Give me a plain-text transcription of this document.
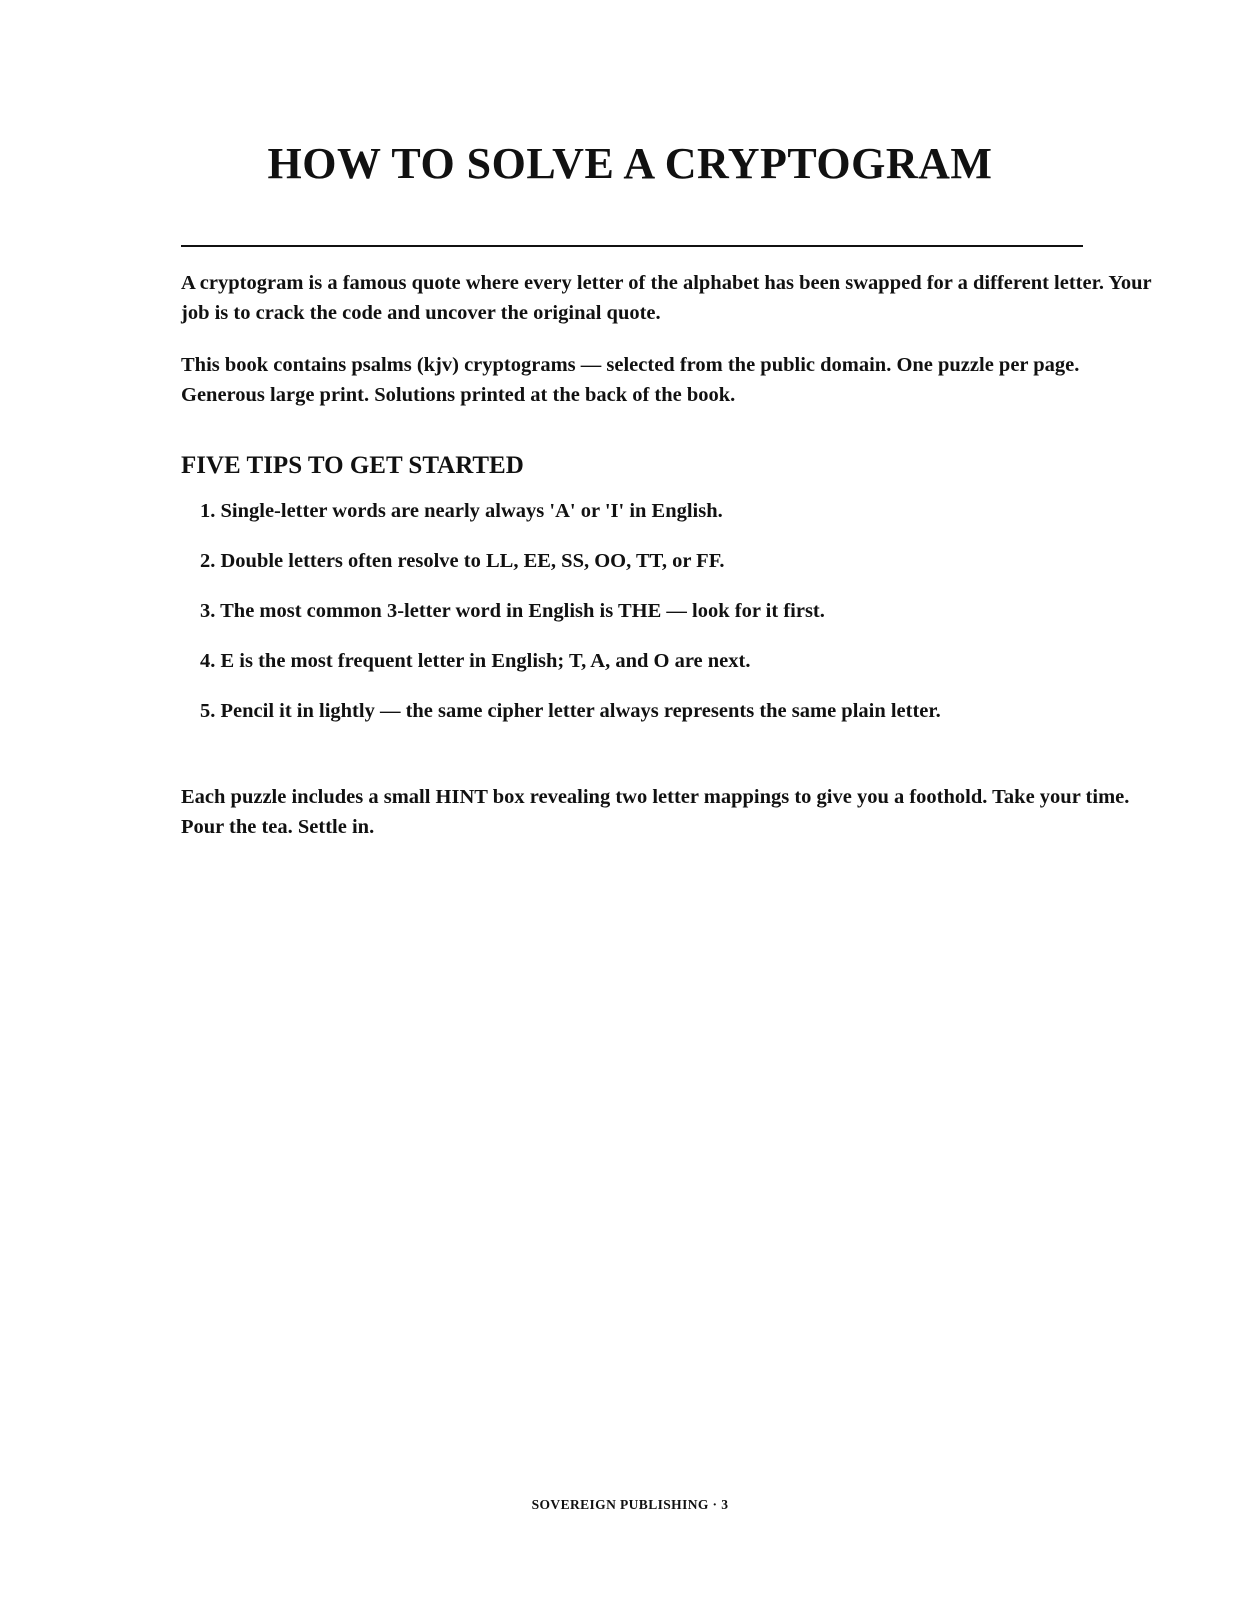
HOW TO SOLVE A CRYPTOGRAM

A cryptogram is a famous quote where every letter of the alphabet has been swapped for a different letter. Your job is to crack the code and uncover the original quote.

This book contains psalms (kjv) cryptograms — selected from the public domain. One puzzle per page. Generous large print. Solutions printed at the back of the book.

FIVE TIPS TO GET STARTED
1. Single-letter words are nearly always 'A' or 'I' in English.
2. Double letters often resolve to LL, EE, SS, OO, TT, or FF.
3. The most common 3-letter word in English is THE — look for it first.
4. E is the most frequent letter in English; T, A, and O are next.
5. Pencil it in lightly — the same cipher letter always represents the same plain letter.

Each puzzle includes a small HINT box revealing two letter mappings to give you a foothold. Take your time. Pour the tea. Settle in.

SOVEREIGN PUBLISHING · 3
